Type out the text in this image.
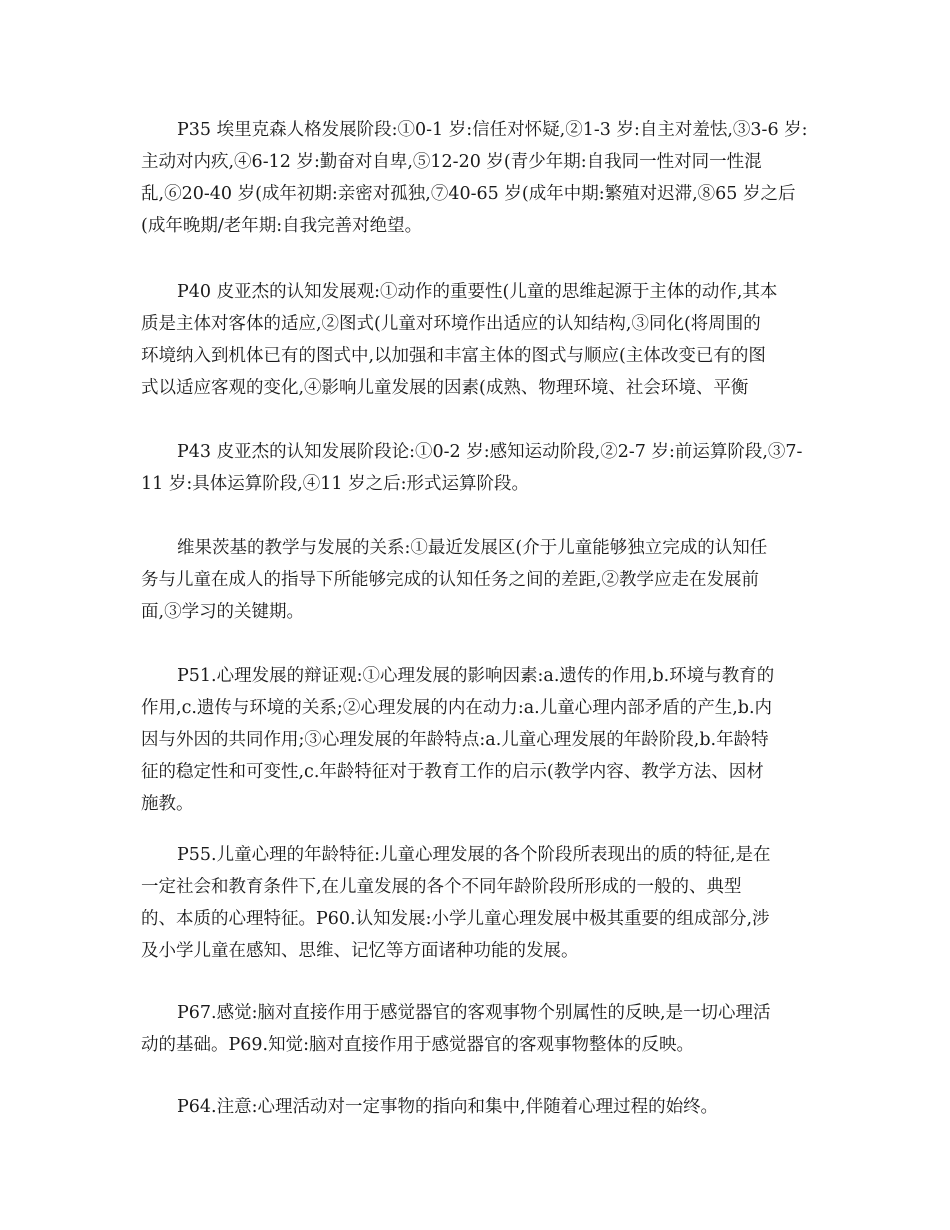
P35 埃里克森人格发展阶段:①0-1 岁:信任对怀疑,②1-3 岁:自主对羞怯,③3-6 岁:
主动对内疚,④6-12 岁:勤奋对自卑,⑤12-20 岁(青少年期:自我同一性对同一性混
乱,⑥20-40 岁(成年初期:亲密对孤独,⑦40-65 岁(成年中期:繁殖对迟滞,⑧65 岁之后
(成年晚期/老年期:自我完善对绝望。
P40 皮亚杰的认知发展观:①动作的重要性(儿童的思维起源于主体的动作,其本
质是主体对客体的适应,②图式(儿童对环境作出适应的认知结构,③同化(将周围的
环境纳入到机体已有的图式中,以加强和丰富主体的图式与顺应(主体改变已有的图
式以适应客观的变化,④影响儿童发展的因素(成熟、物理环境、社会环境、平衡
P43 皮亚杰的认知发展阶段论:①0-2 岁:感知运动阶段,②2-7 岁:前运算阶段,③7-
11 岁:具体运算阶段,④11 岁之后:形式运算阶段。
维果茨基的教学与发展的关系:①最近发展区(介于儿童能够独立完成的认知任
务与儿童在成人的指导下所能够完成的认知任务之间的差距,②教学应走在发展前
面,③学习的关键期。
P51.心理发展的辩证观:①心理发展的影响因素:a.遗传的作用,b.环境与教育的
作用,c.遗传与环境的关系;②心理发展的内在动力:a.儿童心理内部矛盾的产生,b.内
因与外因的共同作用;③心理发展的年龄特点:a.儿童心理发展的年龄阶段,b.年龄特
征的稳定性和可变性,c.年龄特征对于教育工作的启示(教学内容、教学方法、因材
施教。
P55.儿童心理的年龄特征:儿童心理发展的各个阶段所表现出的质的特征,是在
一定社会和教育条件下,在儿童发展的各个不同年龄阶段所形成的一般的、典型
的、本质的心理特征。P60.认知发展:小学儿童心理发展中极其重要的组成部分,涉
及小学儿童在感知、思维、记忆等方面诸种功能的发展。
P67.感觉:脑对直接作用于感觉器官的客观事物个别属性的反映,是一切心理活
动的基础。P69.知觉:脑对直接作用于感觉器官的客观事物整体的反映。
P64.注意:心理活动对一定事物的指向和集中,伴随着心理过程的始终。
